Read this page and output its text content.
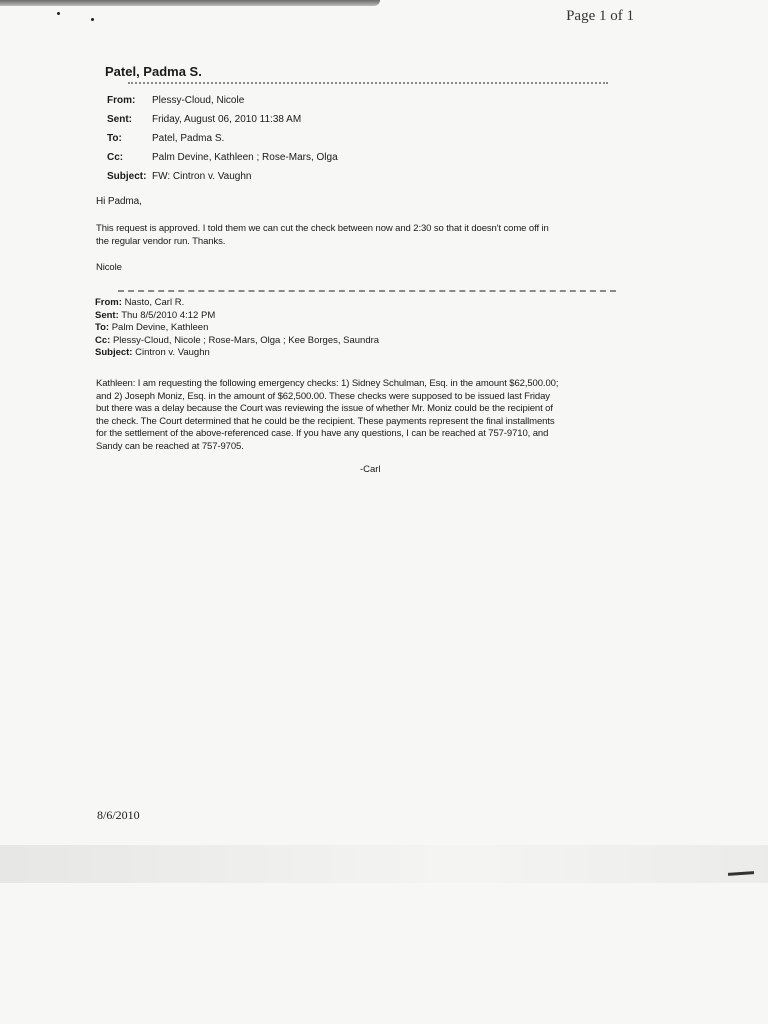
Page 1 of 1
Patel, Padma S.
From:	Plessy-Cloud, Nicole
Sent:	Friday, August 06, 2010 11:38 AM
To:	Patel, Padma S.
Cc:	Palm Devine, Kathleen ; Rose-Mars, Olga
Subject: FW: Cintron v. Vaughn
Hi Padma,
This request is approved. I told them we can cut the check between now and 2:30 so that it doesn't come off in
the regular vendor run. Thanks.
Nicole
From: Nasto, Carl R.
Sent: Thu 8/5/2010 4:12 PM
To: Palm Devine, Kathleen
Cc: Plessy-Cloud, Nicole ; Rose-Mars, Olga ; Kee Borges, Saundra
Subject: Cintron v. Vaughn
Kathleen: I am requesting the following emergency checks: 1) Sidney Schulman, Esq. in the amount $62,500.00;
and 2) Joseph Moniz, Esq. in the amount of $62,500.00. These checks were supposed to be issued last Friday
but there was a delay because the Court was reviewing the issue of whether Mr. Moniz could be the recipient of
the check. The Court determined that he could be the recipient. These payments represent the final installments
for the settlement of the above-referenced case. If you have any questions, I can be reached at 757-9710, and
Sandy can be reached at 757-9705.
-Carl
8/6/2010
